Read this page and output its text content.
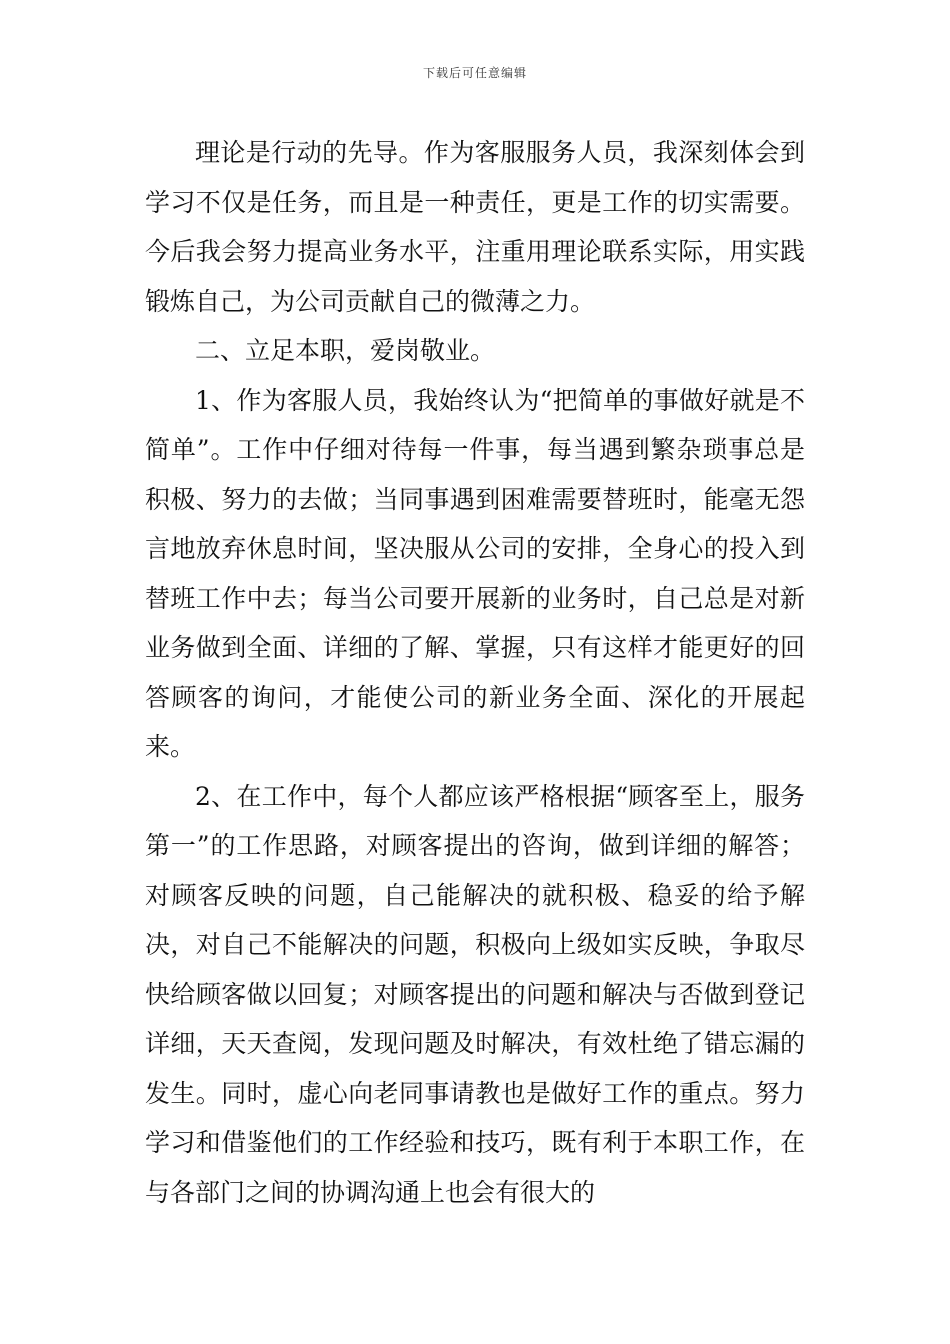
下载后可任意编辑

理论是行动的先导。作为客服服务人员，我深刻体会到学习不仅是任务，而且是一种责任，更是工作的切实需要。今后我会努力提高业务水平，注重用理论联系实际，用实践锻炼自己，为公司贡献自己的微薄之力。

二、立足本职，爱岗敬业。

1、作为客服人员，我始终认为“把简单的事做好就是不简单”。工作中仔细对待每一件事，每当遇到繁杂琐事总是积极、努力的去做；当同事遇到困难需要替班时，能毫无怨言地放弃休息时间，坚决服从公司的安排，全身心的投入到替班工作中去；每当公司要开展新的业务时，自己总是对新业务做到全面、详细的了解、掌握，只有这样才能更好的回答顾客的询问，才能使公司的新业务全面、深化的开展起来。

2、在工作中，每个人都应该严格根据“顾客至上，服务第一”的工作思路，对顾客提出的咨询，做到详细的解答；对顾客反映的问题，自己能解决的就积极、稳妥的给予解决，对自己不能解决的问题，积极向上级如实反映，争取尽快给顾客做以回复；对顾客提出的问题和解决与否做到登记详细，天天查阅，发现问题及时解决，有效杜绝了错忘漏的发生。同时，虚心向老同事请教也是做好工作的重点。努力学习和借鉴他们的工作经验和技巧，既有利于本职工作，在与各部门之间的协调沟通上也会有很大的
